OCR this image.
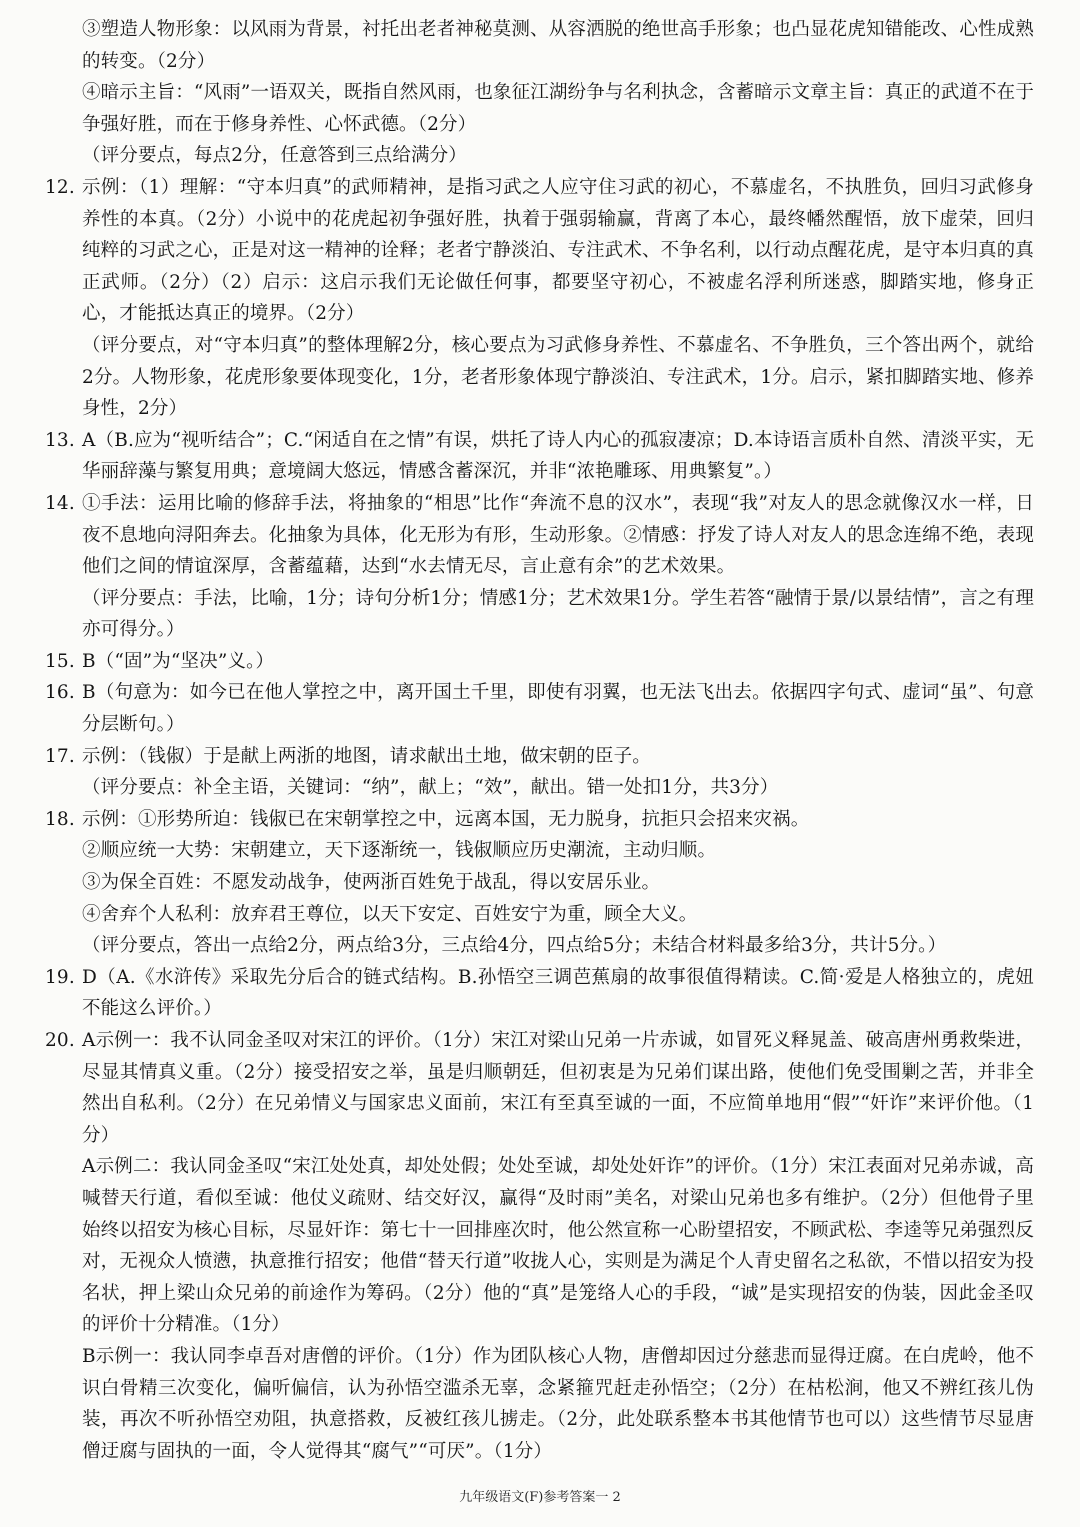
③塑造人物形象：以风雨为背景，衬托出老者神秘莫测、从容洒脱的绝世高手形象；也凸显花虎知错能改、心性成熟的转变。（2分）

④暗示主旨：“风雨”一语双关，既指自然风雨，也象征江湖纷争与名利执念，含蓄暗示文章主旨：真正的武道不在于争强好胜，而在于修身养性、心怀武德。（2分）

（评分要点，每点2分，任意答到三点给满分）

12. 示例：（1）理解：“守本归真”的武师精神，是指习武之人应守住习武的初心，不慕虚名，不执胜负，回归习武修身养性的本真。（2分）小说中的花虎起初争强好胜，执着于强弱输赢，背离了本心，最终幡然醒悟，放下虚荣，回归纯粹的习武之心，正是对这一精神的诠释；老者宁静淡泊、专注武术、不争名利，以行动点醒花虎，是守本归真的真正武师。（2分）（2）启示：这启示我们无论做任何事，都要坚守初心，不被虚名浮利所迷惑，脚踏实地，修身正心，才能抵达真正的境界。（2分）

（评分要点，对“守本归真”的整体理解2分，核心要点为习武修身养性、不慕虚名、不争胜负，三个答出两个，就给2分。人物形象，花虎形象要体现变化，1分，老者形象体现宁静淡泊、专注武术，1分。启示，紧扣脚踏实地、修养身性，2分）

13. A（B.应为“视听结合”；C.“闲适自在之情”有误，烘托了诗人内心的孤寂凄凉；D.本诗语言质朴自然、清淡平实，无华丽辞藻与繁复用典；意境阔大悠远，情感含蓄深沉，并非“浓艳雕琢、用典繁复”。）

14. ①手法：运用比喻的修辞手法，将抽象的“相思”比作“奔流不息的汉水”，表现“我”对友人的思念就像汉水一样，日夜不息地向浔阳奔去。化抽象为具体，化无形为有形，生动形象。②情感：抒发了诗人对友人的思念连绵不绝，表现他们之间的情谊深厚，含蓄蕴藉，达到“水去情无尽，言止意有余”的艺术效果。

（评分要点：手法，比喻，1分；诗句分析1分；情感1分；艺术效果1分。学生若答“融情于景/以景结情”，言之有理亦可得分。）

15. B（“固”为“坚决”义。）

16. B（句意为：如今已在他人掌控之中，离开国土千里，即使有羽翼，也无法飞出去。依据四字句式、虚词“虽”、句意分层断句。）

17. 示例：（钱俶）于是献上两浙的地图，请求献出土地，做宋朝的臣子。

（评分要点：补全主语，关键词：“纳”，献上；“效”，献出。错一处扣1分，共3分）

18. 示例：①形势所迫：钱俶已在宋朝掌控之中，远离本国，无力脱身，抗拒只会招来灾祸。

②顺应统一大势：宋朝建立，天下逐渐统一，钱俶顺应历史潮流，主动归顺。

③为保全百姓：不愿发动战争，使两浙百姓免于战乱，得以安居乐业。

④舍弃个人私利：放弃君王尊位，以天下安定、百姓安宁为重，顾全大义。

（评分要点，答出一点给2分，两点给3分，三点给4分，四点给5分；未结合材料最多给3分，共计5分。）

19. D（A.《水浒传》采取先分后合的链式结构。B.孙悟空三调芭蕉扇的故事很值得精读。C.简·爱是人格独立的，虎妞不能这么评价。）

20. A示例一：我不认同金圣叹对宋江的评价。（1分）宋江对梁山兄弟一片赤诚，如冒死义释晁盖、破高唐州勇救柴进，尽显其情真义重。（2分）接受招安之举，虽是归顺朝廷，但初衷是为兄弟们谋出路，使他们免受围剿之苦，并非全然出自私利。（2分）在兄弟情义与国家忠义面前，宋江有至真至诚的一面，不应简单地用“假”“奸诈”来评价他。（1分）

A示例二：我认同金圣叹“宋江处处真，却处处假；处处至诚，却处处奸诈”的评价。（1分）宋江表面对兄弟赤诚，高喊替天行道，看似至诚：他仗义疏财、结交好汉，赢得“及时雨”美名，对梁山兄弟也多有维护。（2分）但他骨子里始终以招安为核心目标，尽显奸诈：第七十一回排座次时，他公然宣称一心盼望招安，不顾武松、李逵等兄弟强烈反对，无视众人愤懑，执意推行招安；他借“替天行道”收拢人心，实则是为满足个人青史留名之私欲，不惜以招安为投名状，押上梁山众兄弟的前途作为筹码。（2分）他的“真”是笼络人心的手段，“诚”是实现招安的伪装，因此金圣叹的评价十分精准。（1分）

B示例一：我认同李卓吾对唐僧的评价。（1分）作为团队核心人物，唐僧却因过分慈悲而显得迂腐。在白虎岭，他不识白骨精三次变化，偏听偏信，认为孙悟空滥杀无辜，念紧箍咒赶走孙悟空；（2分）在枯松涧，他又不辨红孩儿伪装，再次不听孙悟空劝阻，执意搭救，反被红孩儿掳走。（2分，此处联系整本书其他情节也可以）这些情节尽显唐僧迂腐与固执的一面，令人觉得其“腐气”“可厌”。（1分）

九年级语文(F)参考答案一 2
